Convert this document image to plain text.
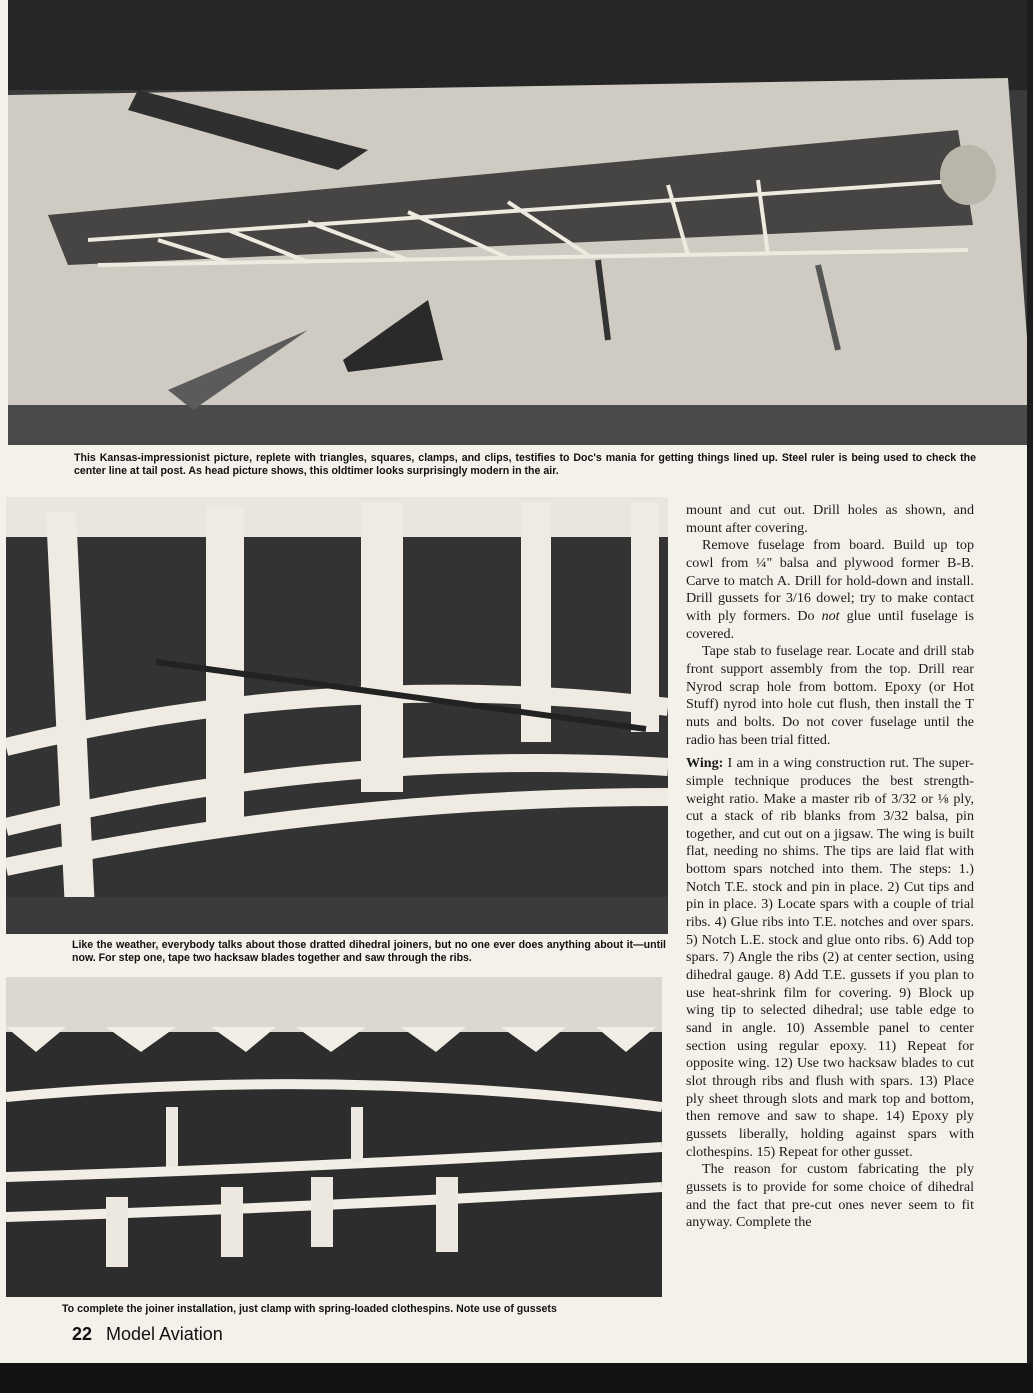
This Kansas-impressionist picture, replete with triangles, squares, clamps, and clips, testifies to Doc's mania for getting things lined up. Steel ruler is being used to check the center line at tail post. As head picture shows, this oldtimer looks surprisingly modern in the air.
Like the weather, everybody talks about those dratted dihedral joiners, but no one ever does anything about it—until now. For step one, tape two hacksaw blades together and saw through the ribs.
To complete the joiner installation, just clamp with spring-loaded clothespins. Note use of gussets

mount and cut out. Drill holes as shown, and mount after covering.

Remove fuselage from board. Build up top cowl from ¼" balsa and plywood former B-B. Carve to match A. Drill for hold-down and install. Drill gussets for 3/16 dowel; try to make contact with ply formers. Do not glue until fuselage is covered.

Tape stab to fuselage rear. Locate and drill stab front support assembly from the top. Drill rear Nyrod scrap hole from bottom. Epoxy (or Hot Stuff) nyrod into hole cut flush, then install the T nuts and bolts. Do not cover fuselage until the radio has been trial fitted.

Wing: I am in a wing construction rut. The super-simple technique produces the best strength-weight ratio. Make a master rib of 3/32 or ⅛ ply, cut a stack of rib blanks from 3/32 balsa, pin together, and cut out on a jigsaw. The wing is built flat, needing no shims. The tips are laid flat with bottom spars notched into them. The steps: 1.) Notch T.E. stock and pin in place. 2) Cut tips and pin in place. 3) Locate spars with a couple of trial ribs. 4) Glue ribs into T.E. notches and over spars. 5) Notch L.E. stock and glue onto ribs. 6) Add top spars. 7) Angle the ribs (2) at center section, using dihedral gauge. 8) Add T.E. gussets if you plan to use heat-shrink film for covering. 9) Block up wing tip to selected dihedral; use table edge to sand in angle. 10) Assemble panel to center section using regular epoxy. 11) Repeat for opposite wing. 12) Use two hacksaw blades to cut slot through ribs and flush with spars. 13) Place ply sheet through slots and mark top and bottom, then remove and saw to shape. 14) Epoxy ply gussets liberally, holding against spars with clothespins. 15) Repeat for other gusset.

The reason for custom fabricating the ply gussets is to provide for some choice of dihedral and the fact that pre-cut ones never seem to fit anyway. Complete the

22 Model Aviation
